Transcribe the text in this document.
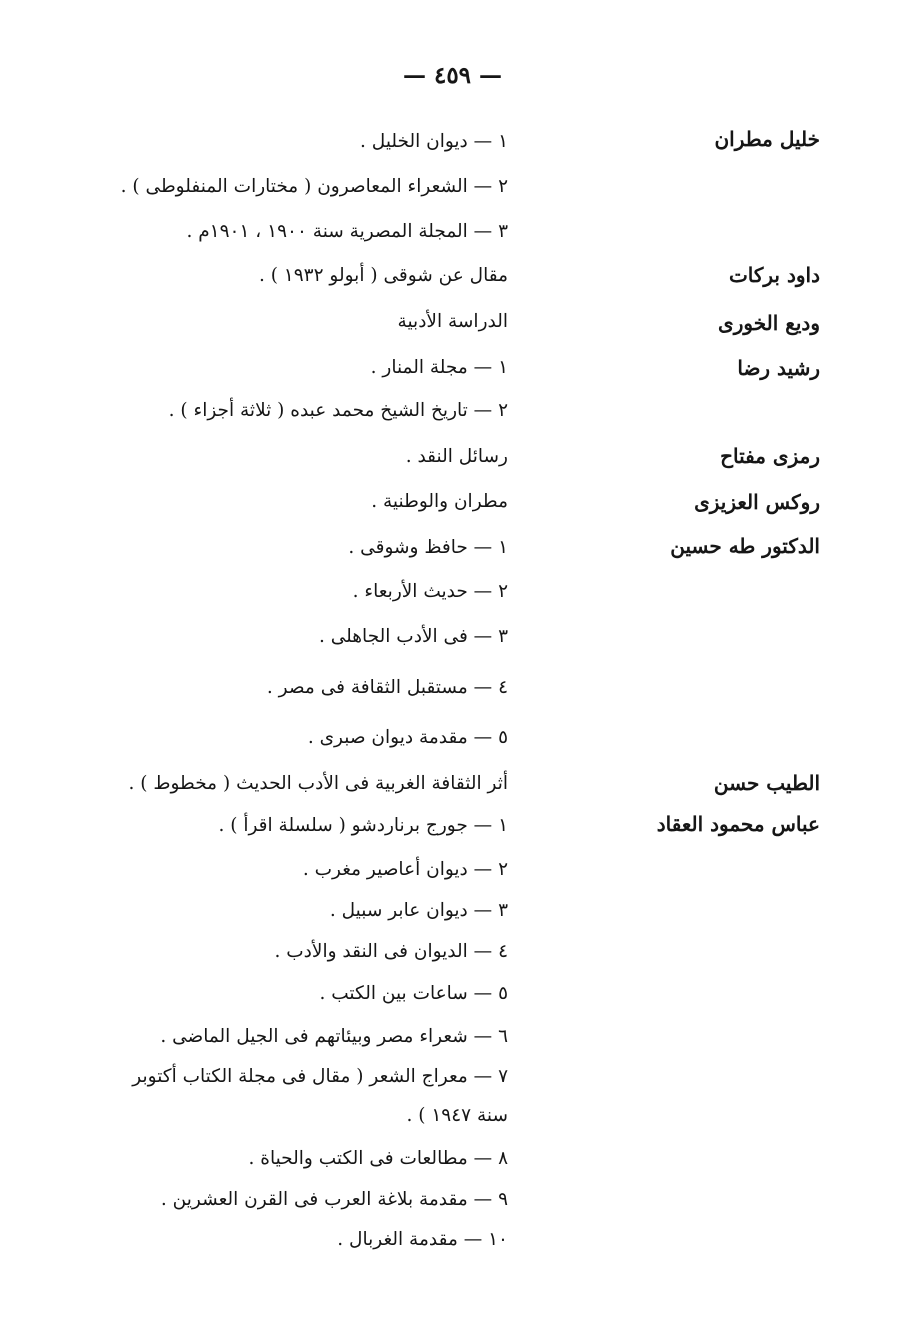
— ٤٥٩ —
خليل مطران
داود بركات
وديع الخورى
رشيد رضا
رمزى مفتاح
روكس العزيزى
الدكتور طه حسين
الطيب حسن
عباس محمود العقاد
١ — ديوان الخليل .
٢ — الشعراء المعاصرون ( مختارات المنفلوطى ) .
٣ — المجلة المصرية سنة ١٩٠٠ ، ١٩٠١م .
مقال عن شوقى ( أبولو ١٩٣٢ ) .
الدراسة الأدبية
١ — مجلة المنار .
٢ — تاريخ الشيخ محمد عبده ( ثلاثة أجزاء ) .
رسائل النقد .
مطران والوطنية .
١ — حافظ وشوقى .
٢ — حديث الأربعاء .
٣ — فى الأدب الجاهلى .
٤ — مستقبل الثقافة فى مصر .
٥ — مقدمة ديوان صبرى .
أثر الثقافة الغربية فى الأدب الحديث ( مخطوط ) .
١ — جورج برناردشو ( سلسلة اقرأ ) .
٢ — ديوان أعاصير مغرب .
٣ — ديوان عابر سبيل .
٤ — الديوان فى النقد والأدب .
٥ — ساعات بين الكتب .
٦ — شعراء مصر وبيئاتهم فى الجيل الماضى .
٧ — معراج الشعر ( مقال فى مجلة الكتاب أكتوبر
سنة ١٩٤٧ ) .
٨ — مطالعات فى الكتب والحياة .
٩ — مقدمة بلاغة العرب فى القرن العشرين .
١٠ — مقدمة الغربال .
